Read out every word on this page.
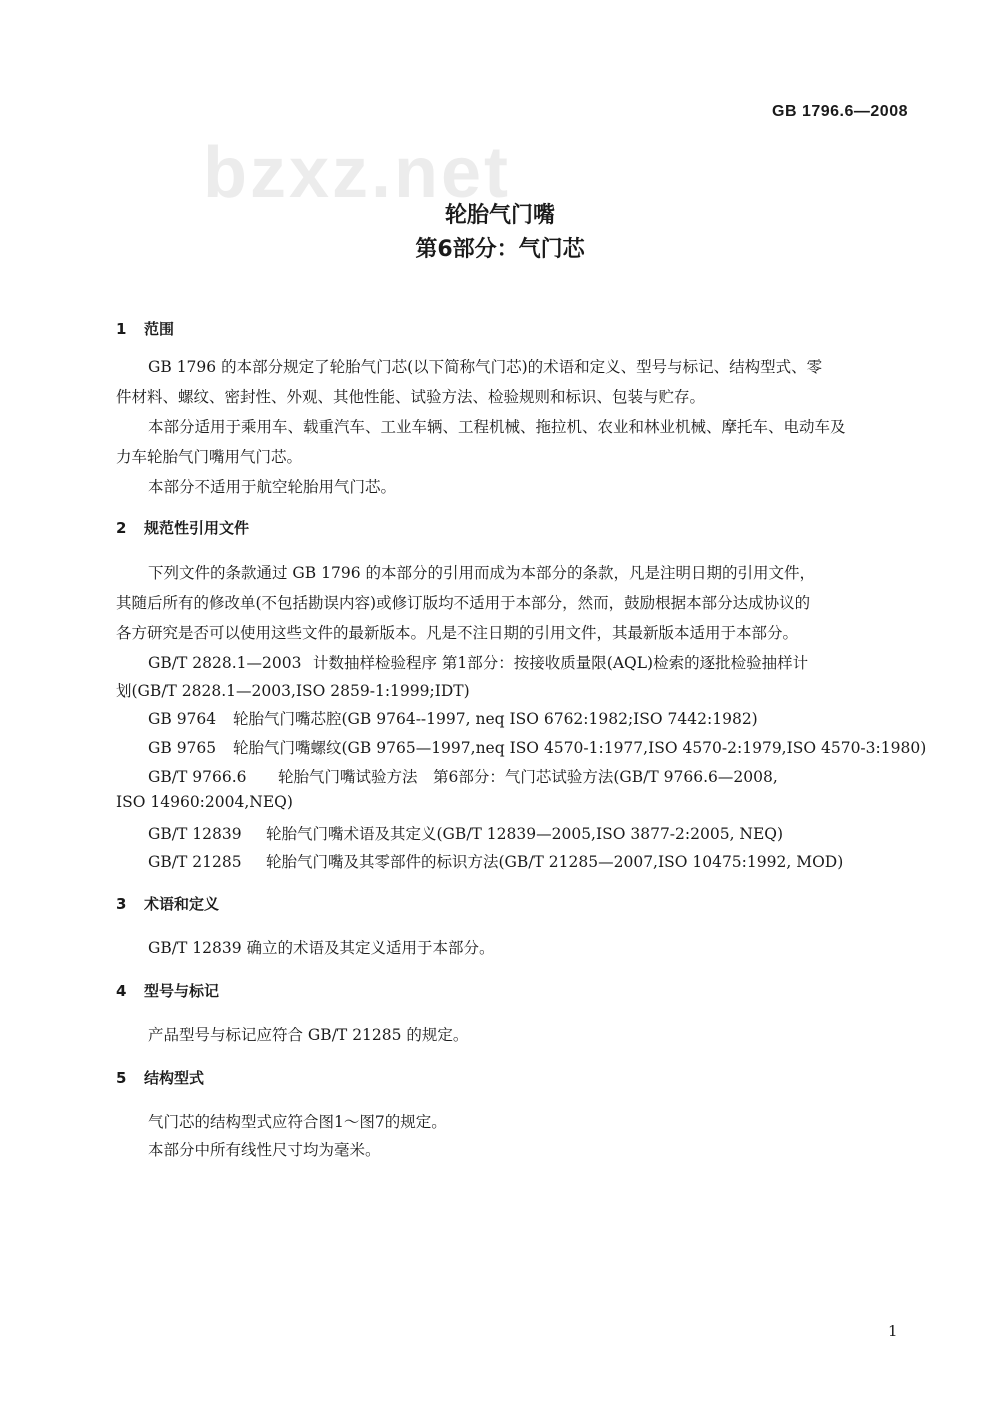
GB 1796.6—2008
bzxz.net
轮胎气门嘴
第6部分：气门芯
1 范围
GB 1796 的本部分规定了轮胎气门芯(以下简称气门芯)的术语和定义、型号与标记、结构型式、零
件材料、螺纹、密封性、外观、其他性能、试验方法、检验规则和标识、包装与贮存。
本部分适用于乘用车、载重汽车、工业车辆、工程机械、拖拉机、农业和林业机械、摩托车、电动车及
力车轮胎气门嘴用气门芯。
本部分不适用于航空轮胎用气门芯。
2 规范性引用文件
下列文件的条款通过 GB 1796 的本部分的引用而成为本部分的条款，凡是注明日期的引用文件，
其随后所有的修改单(不包括勘误内容)或修订版均不适用于本部分，然而，鼓励根据本部分达成协议的
各方研究是否可以使用这些文件的最新版本。凡是不注日期的引用文件，其最新版本适用于本部分。
GB/T 2828.1—2003 计数抽样检验程序 第1部分：按接收质量限(AQL)检索的逐批检验抽样计
划(GB/T 2828.1—2003,ISO 2859-1:1999;IDT)
GB 9764 轮胎气门嘴芯腔(GB 9764--1997, neq ISO 6762:1982;ISO 7442:1982)
GB 9765 轮胎气门嘴螺纹(GB 9765—1997,neq ISO 4570-1:1977,ISO 4570-2:1979,ISO 4570-3:1980)
GB/T 9766.6 轮胎气门嘴试验方法　第6部分：气门芯试验方法(GB/T 9766.6—2008,
ISO 14960:2004,NEQ)
GB/T 12839 轮胎气门嘴术语及其定义(GB/T 12839—2005,ISO 3877-2:2005, NEQ)
GB/T 21285 轮胎气门嘴及其零部件的标识方法(GB/T 21285—2007,ISO 10475:1992, MOD)
3 术语和定义
GB/T 12839 确立的术语及其定义适用于本部分。
4 型号与标记
产品型号与标记应符合 GB/T 21285 的规定。
5 结构型式
气门芯的结构型式应符合图1～图7的规定。
本部分中所有线性尺寸均为毫米。
1
